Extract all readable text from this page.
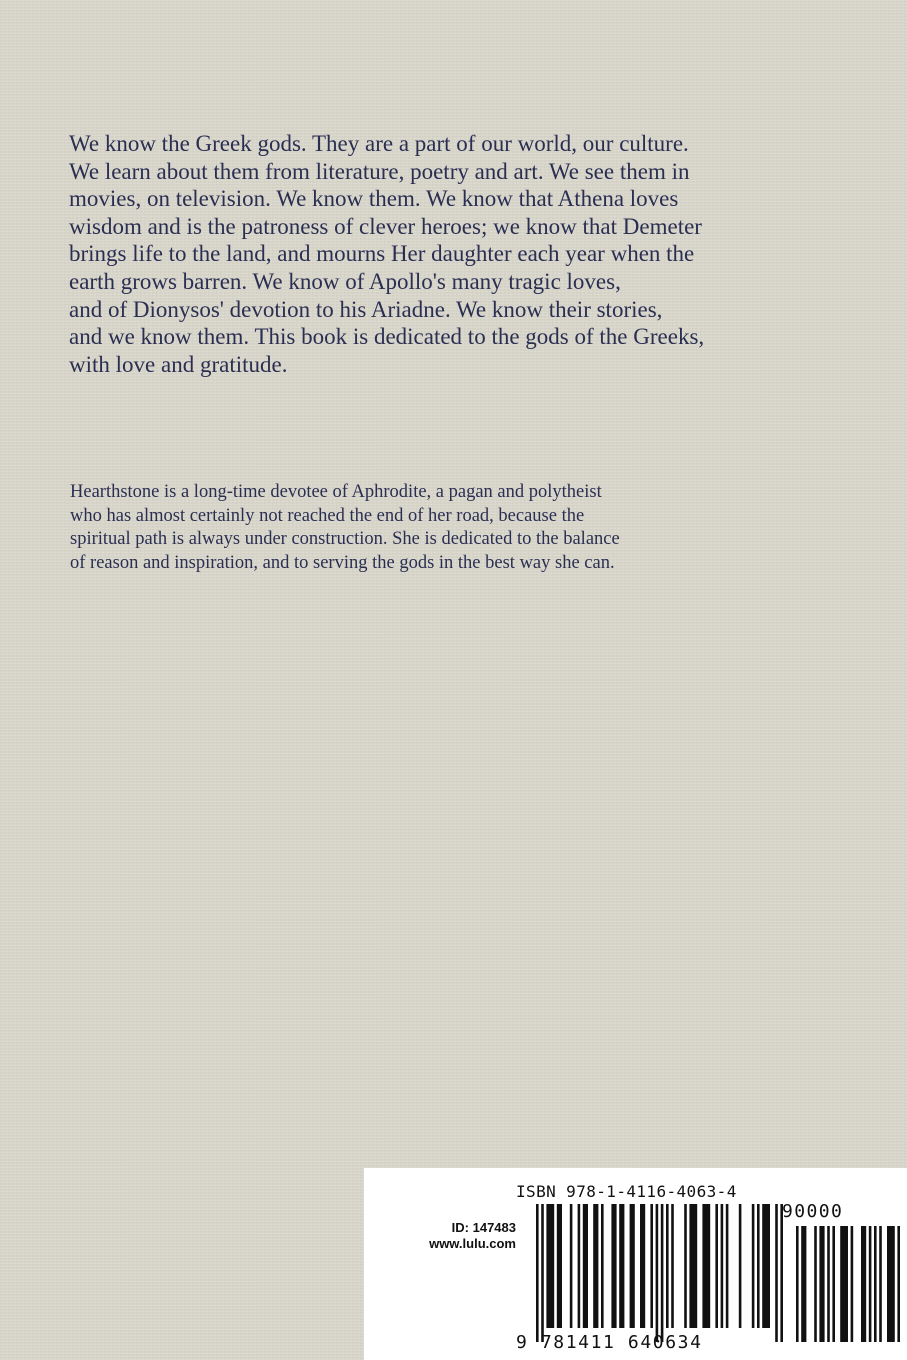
We know the Greek gods. They are a part of our world, our culture.
We learn about them from literature, poetry and art. We see them in
movies, on television. We know them. We know that Athena loves
wisdom and is the patroness of clever heroes; we know that Demeter
brings life to the land, and mourns Her daughter each year when the
earth grows barren. We know of Apollo's many tragic loves,
and of Dionysos' devotion to his Ariadne. We know their stories,
and we know them. This book is dedicated to the gods of the Greeks,
with love and gratitude.

Hearthstone is a long-time devotee of Aphrodite, a pagan and polytheist
who has almost certainly not reached the end of her road, because the
spiritual path is always under construction. She is dedicated to the balance
of reason and inspiration, and to serving the gods in the best way she can.

ID: 147483
www.lulu.com
ISBN 978-1-4116-4063-4
9 781411 640634
90000
